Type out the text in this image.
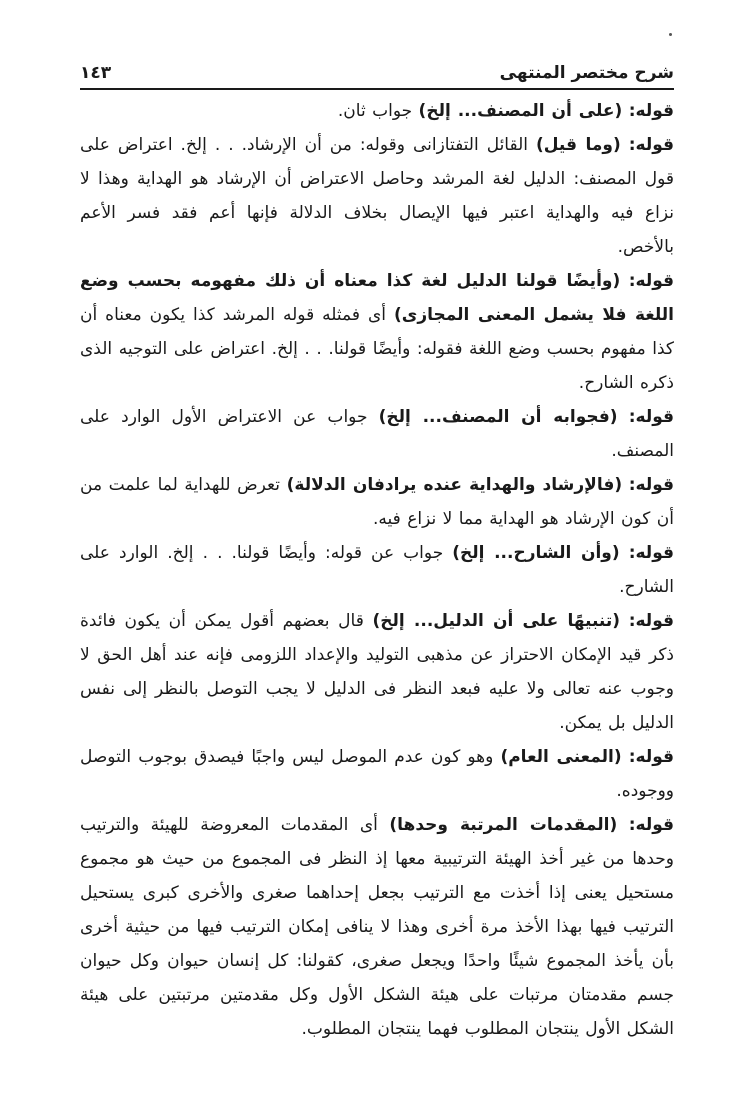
شرح مختصر المنتهى
١٤٣

قوله: (على أن المصنف... إلخ) جواب ثان.

قوله: (وما قيل) القائل التفتازانى وقوله: من أن الإرشاد. . . إلخ. اعتراض على قول المصنف: الدليل لغة المرشد وحاصل الاعتراض أن الإرشاد هو الهداية وهذا لا نزاع فيه والهداية اعتبر فيها الإيصال بخلاف الدلالة فإنها أعم فقد فسر الأعم بالأخص.

قوله: (وأيضًا قولنا الدليل لغة كذا معناه أن ذلك مفهومه بحسب وضع اللغة فلا يشمل المعنى المجازى) أى فمثله قوله المرشد كذا يكون معناه أن كذا مفهوم بحسب وضع اللغة فقوله: وأيضًا قولنا. . . إلخ. اعتراض على التوجيه الذى ذكره الشارح.

قوله: (فجوابه أن المصنف... إلخ) جواب عن الاعتراض الأول الوارد على المصنف.

قوله: (فالإرشاد والهداية عنده يرادفان الدلالة) تعرض للهداية لما علمت من أن كون الإرشاد هو الهداية مما لا نزاع فيه.

قوله: (وأن الشارح... إلخ) جواب عن قوله: وأيضًا قولنا. . . إلخ. الوارد على الشارح.

قوله: (تنبيهًا على أن الدليل... إلخ) قال بعضهم أقول يمكن أن يكون فائدة ذكر قيد الإمكان الاحتراز عن مذهبى التوليد والإعداد اللزومى فإنه عند أهل الحق لا وجوب عنه تعالى ولا عليه فبعد النظر فى الدليل لا يجب التوصل بالنظر إلى نفس الدليل بل يمكن.

قوله: (المعنى العام) وهو كون عدم الموصل ليس واجبًا فيصدق بوجوب التوصل ووجوده.

قوله: (المقدمات المرتبة وحدها) أى المقدمات المعروضة للهيئة والترتيب وحدها من غير أخذ الهيئة الترتيبية معها إذ النظر فى المجموع من حيث هو مجموع مستحيل يعنى إذا أخذت مع الترتيب بجعل إحداهما صغرى والأخرى كبرى يستحيل الترتيب فيها بهذا الأخذ مرة أخرى وهذا لا ينافى إمكان الترتيب فيها من حيثية أخرى بأن يأخذ المجموع شيئًا واحدًا ويجعل صغرى، كقولنا: كل إنسان حيوان وكل حيوان جسم مقدمتان مرتبات على هيئة الشكل الأول وكل مقدمتين مرتبتين على هيئة الشكل الأول ينتجان المطلوب فهما ينتجان المطلوب.
